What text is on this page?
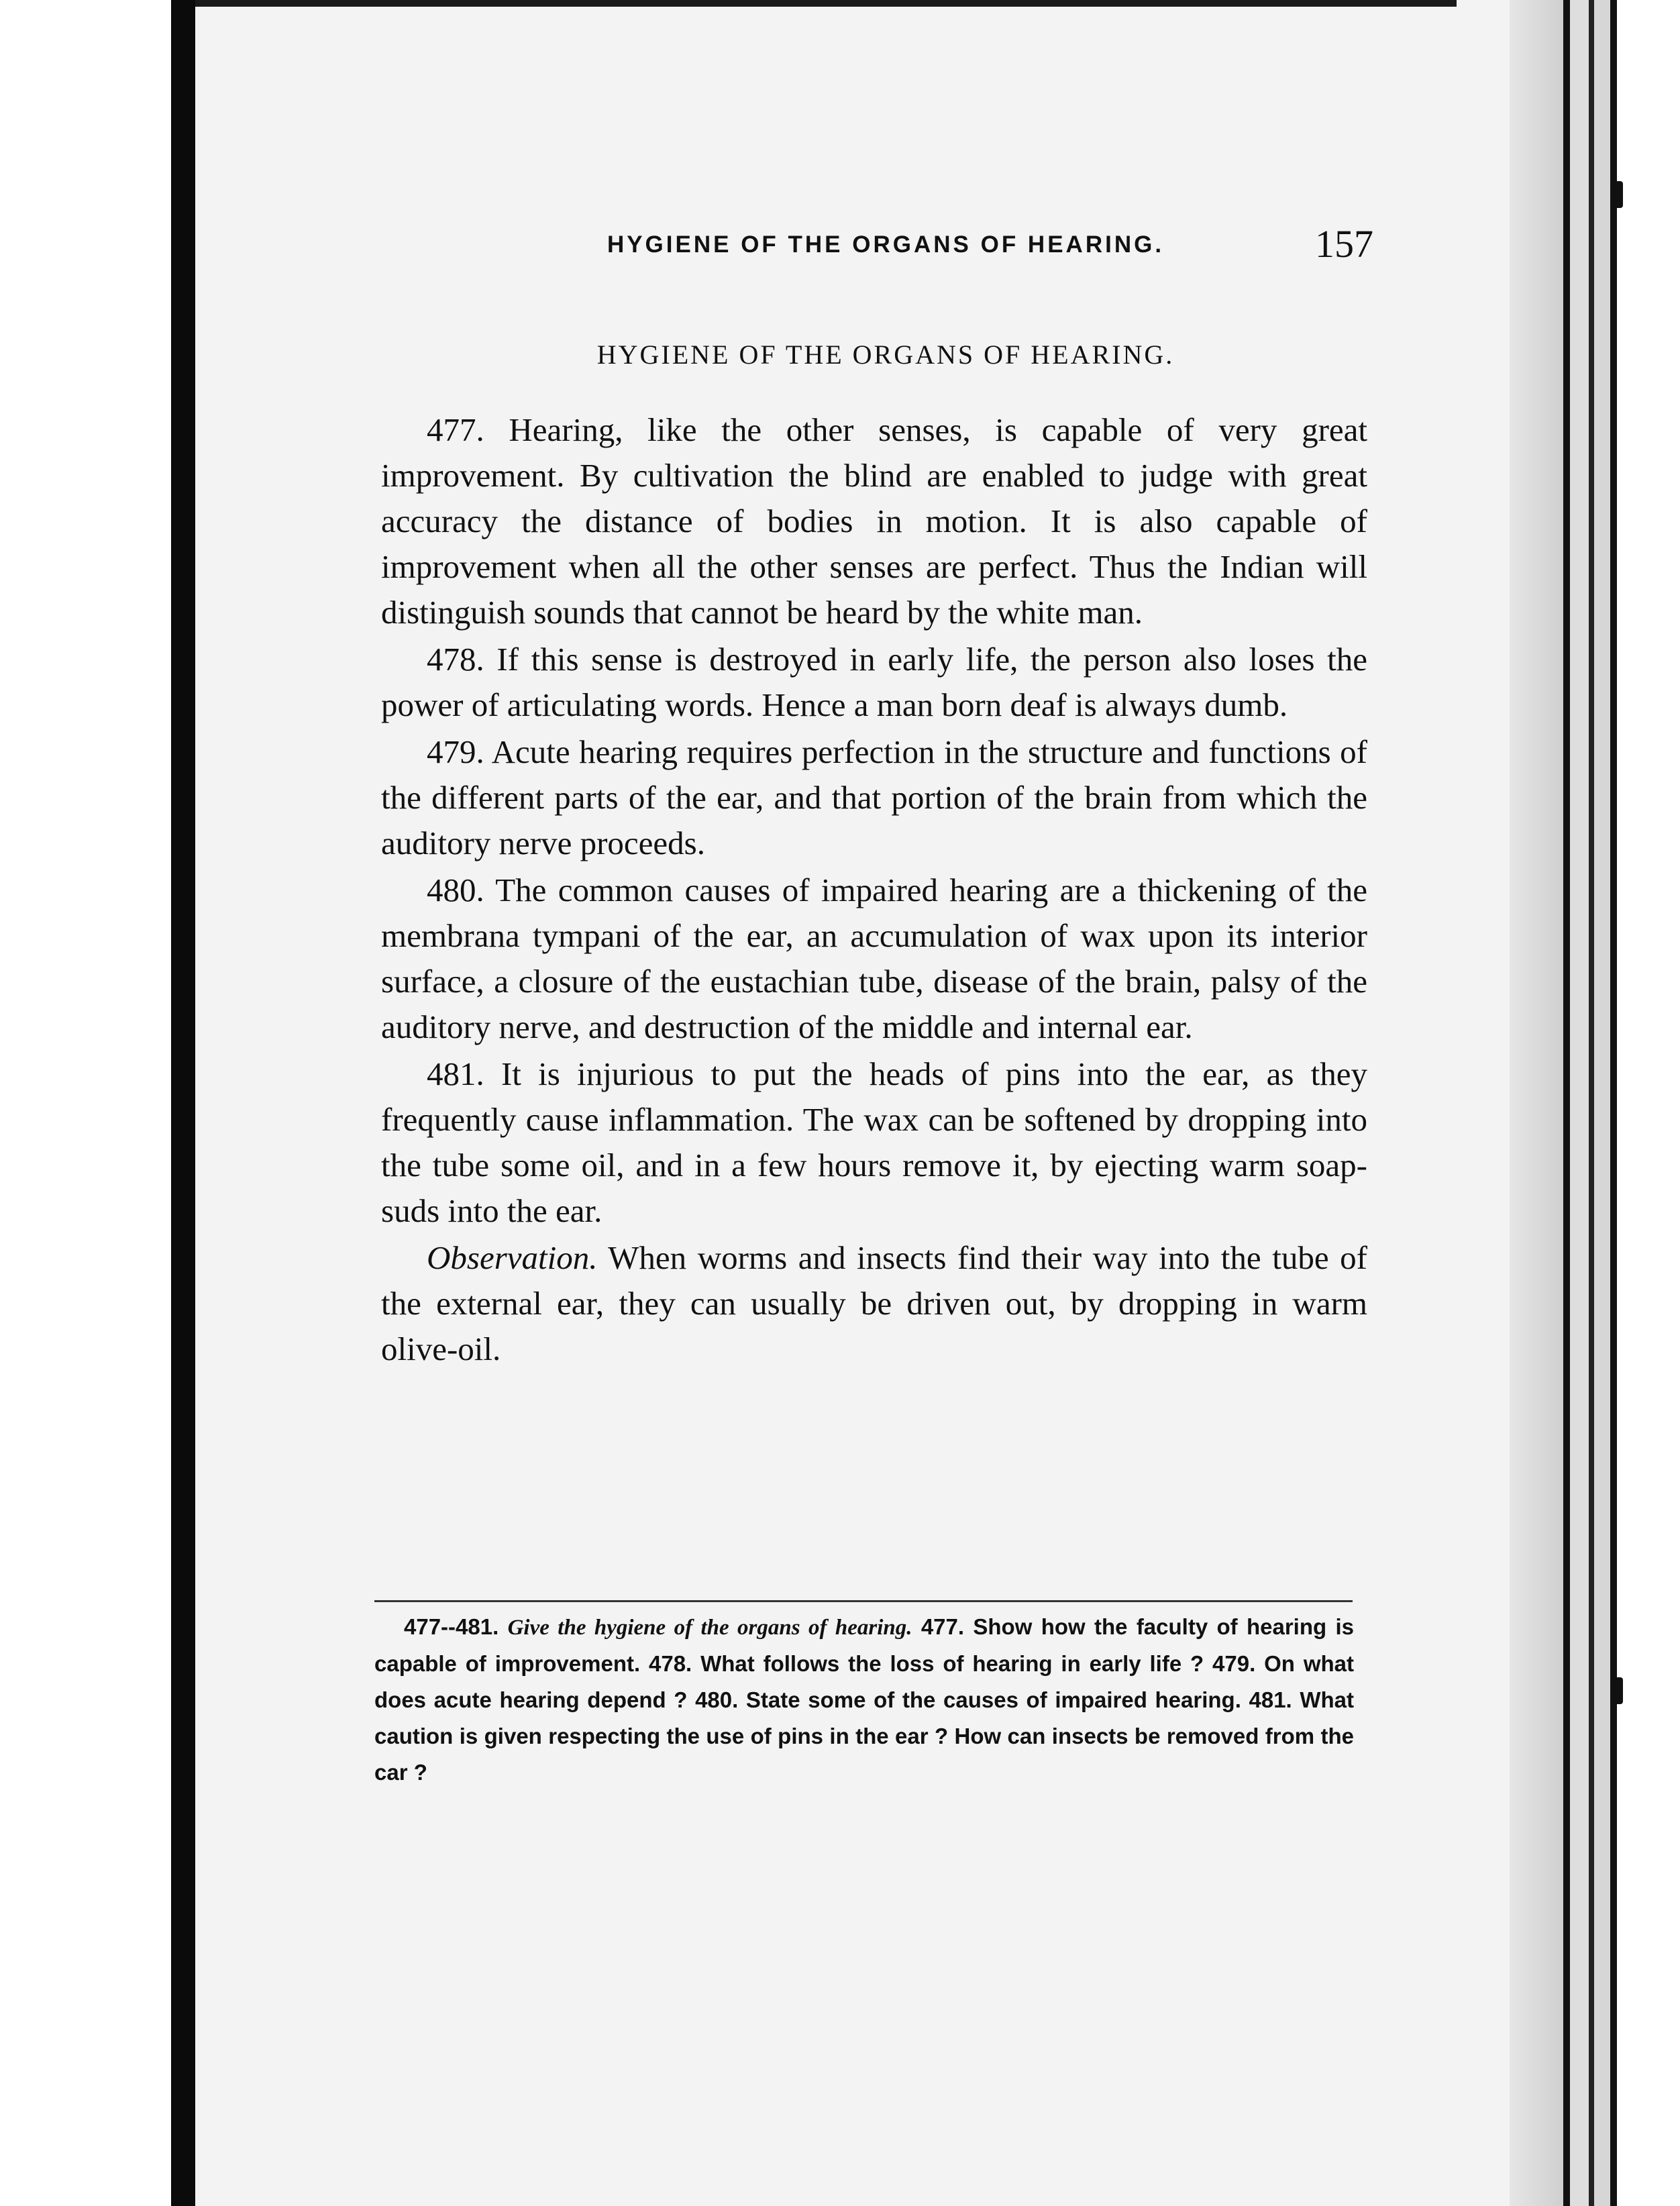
HYGIENE OF THE ORGANS OF HEARING.	157
HYGIENE OF THE ORGANS OF HEARING.

477. Hearing, like the other senses, is capable of very great improvement. By cultivation the blind are enabled to judge with great accuracy the distance of bodies in motion. It is also capable of improvement when all the other senses are perfect. Thus the Indian will distinguish sounds that cannot be heard by the white man.

478. If this sense is destroyed in early life, the person also loses the power of articulating words. Hence a man born deaf is always dumb.

479. Acute hearing requires perfection in the structure and functions of the different parts of the ear, and that portion of the brain from which the auditory nerve proceeds.

480. The common causes of impaired hearing are a thickening of the membrana tympani of the ear, an accumulation of wax upon its interior surface, a closure of the eustachian tube, disease of the brain, palsy of the auditory nerve, and destruction of the middle and internal ear.

481. It is injurious to put the heads of pins into the ear, as they frequently cause inflammation. The wax can be softened by dropping into the tube some oil, and in a few hours remove it, by ejecting warm soap-suds into the ear.

Observation. When worms and insects find their way into the tube of the external ear, they can usually be driven out, by dropping in warm olive-oil.

477--481. Give the hygiene of the organs of hearing. 477. Show how the faculty of hearing is capable of improvement. 478. What follows the loss of hearing in early life ? 479. On what does acute hearing depend ? 480. State some of the causes of impaired hearing. 481. What caution is given respecting the use of pins in the ear ? How can insects be removed from the car ?
